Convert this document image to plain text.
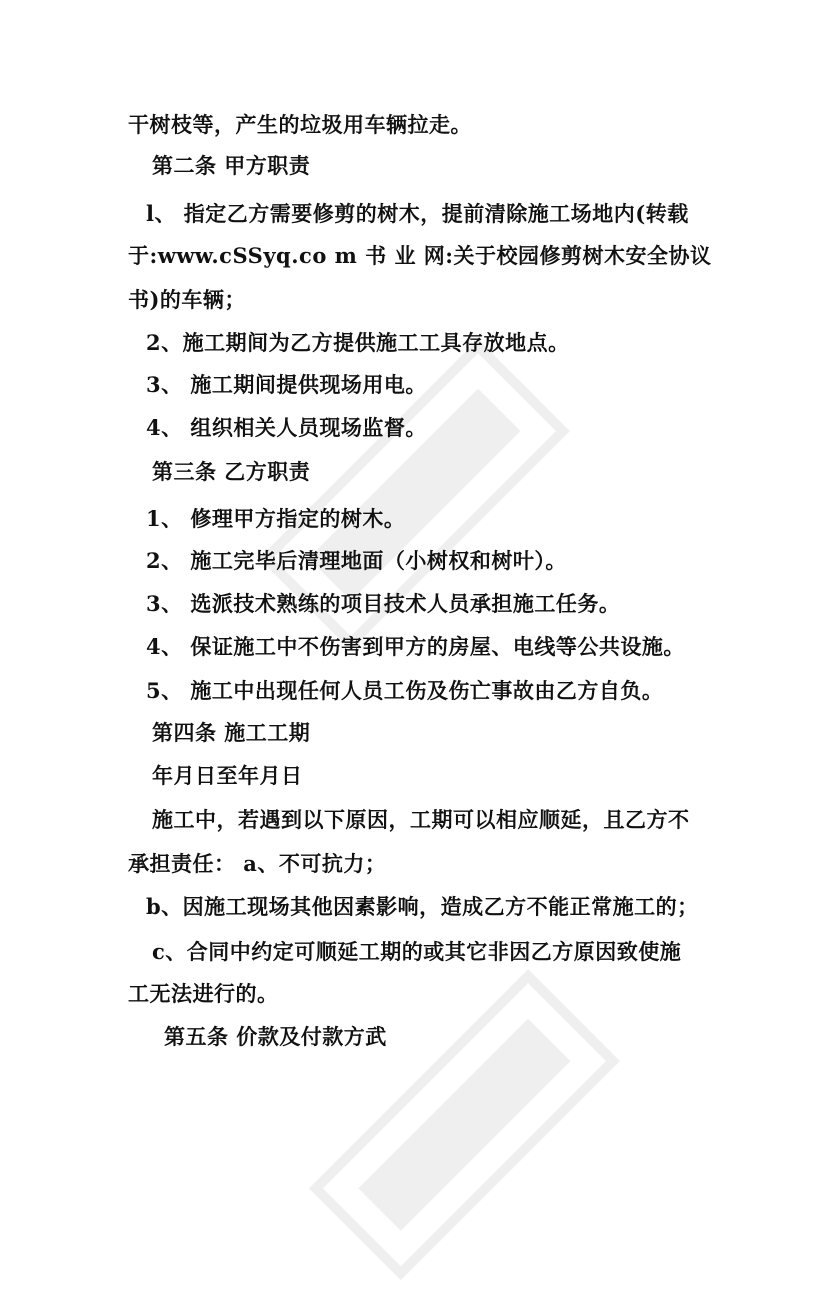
干树枝等，产生的垃圾用车辆拉走。
第二条 甲方职责
l、 指定乙方需要修剪的树木，提前清除施工场地内(转载
于:www.cSSyq.co m 书 业 网:关于校园修剪树木安全协议
书)的车辆；
2、施工期间为乙方提供施工工具存放地点。
3、 施工期间提供现场用电。
4、 组织相关人员现场监督。
第三条 乙方职责
1、 修理甲方指定的树木。
2、 施工完毕后清理地面（小树权和树叶）。
3、 选派技术熟练的项目技术人员承担施工任务。
4、 保证施工中不伤害到甲方的房屋、电线等公共设施。
5、 施工中出现任何人员工伤及伤亡事故由乙方自负。
第四条 施工工期
年月日至年月日
施工中，若遇到以下原因，工期可以相应顺延，且乙方不
承担责任： a、不可抗力；
b、因施工现场其他因素影响，造成乙方不能正常施工的；
c、合同中约定可顺延工期的或其它非因乙方原因致使施
工无法进行的。
第五条 价款及付款方武
